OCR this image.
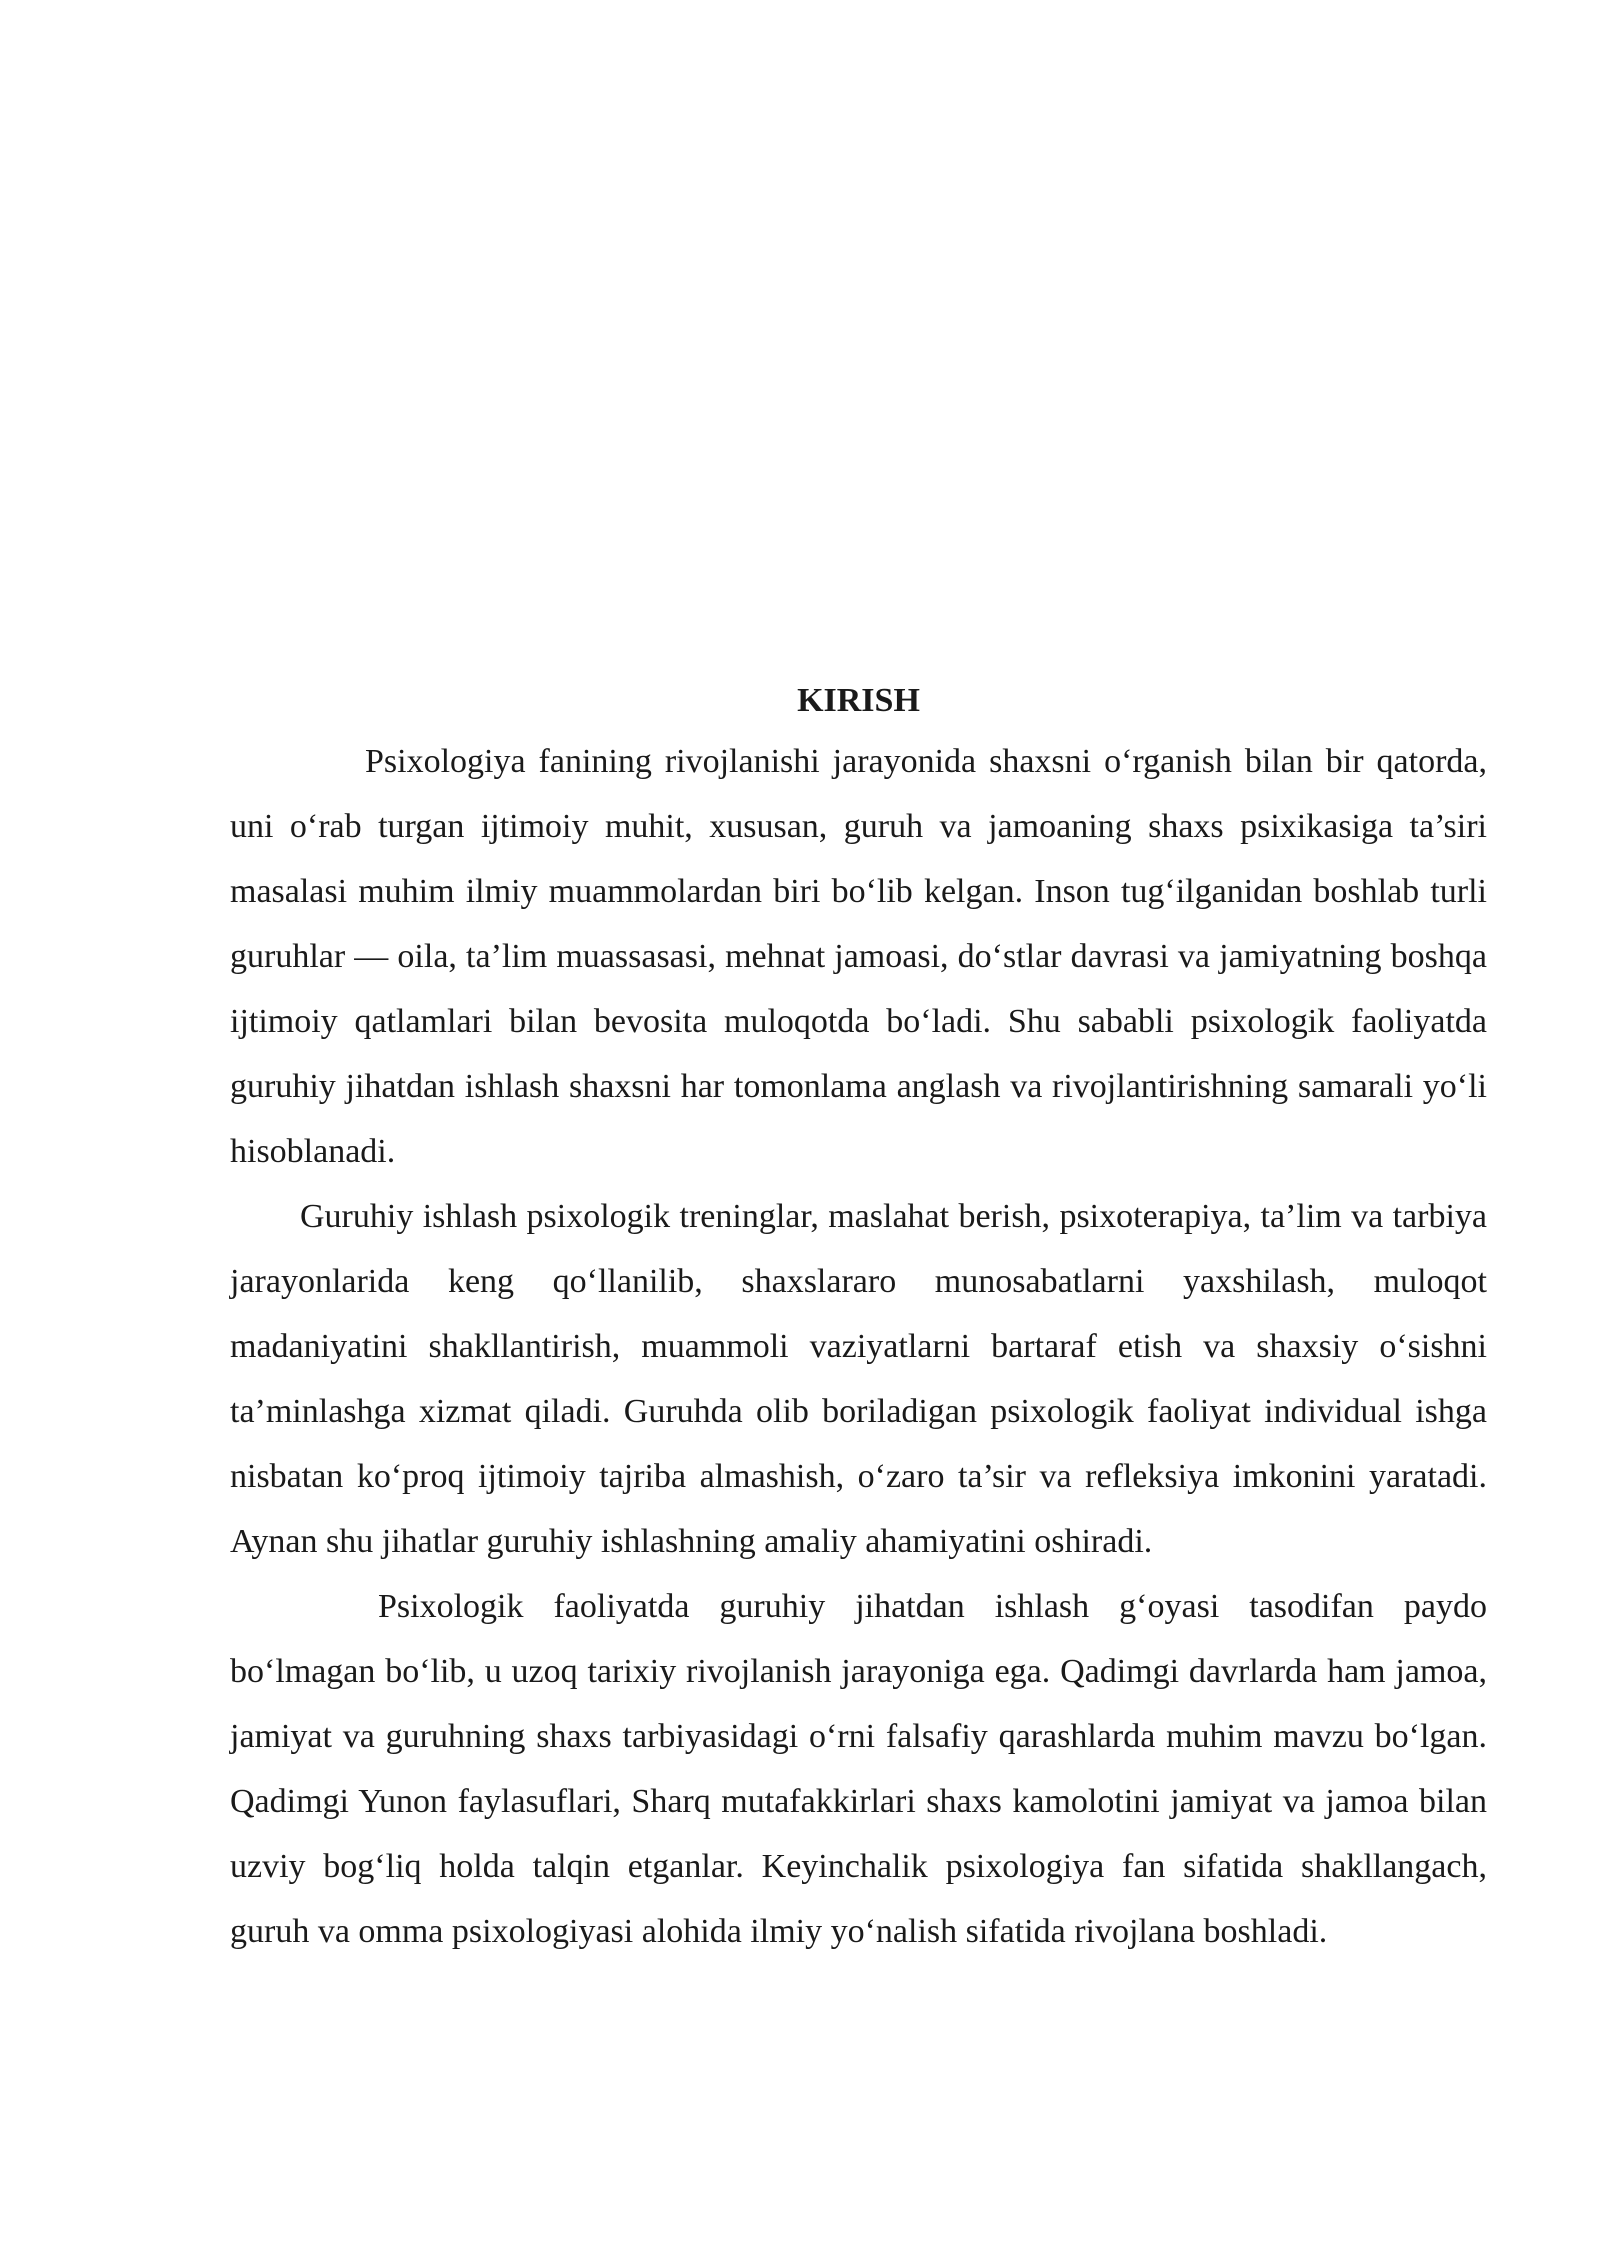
KIRISH

Psixologiya fanining rivojlanishi jarayonida shaxsni o‘rganish bilan bir qatorda, uni o‘rab turgan ijtimoiy muhit, xususan, guruh va jamoaning shaxs psixikasiga ta’siri masalasi muhim ilmiy muammolardan biri bo‘lib kelgan. Inson tug‘ilganidan boshlab turli guruhlar — oila, ta’lim muassasasi, mehnat jamoasi, do‘stlar davrasi va jamiyatning boshqa ijtimoiy qatlamlari bilan bevosita muloqotda bo‘ladi. Shu sababli psixologik faoliyatda guruhiy jihatdan ishlash shaxsni har tomonlama anglash va rivojlantirishning samarali yo‘li hisoblanadi.

Guruhiy ishlash psixologik treninglar, maslahat berish, psixoterapiya, ta’lim va tarbiya jarayonlarida keng qo‘llanilib, shaxslararo munosabatlarni yaxshilash, muloqot madaniyatini shakllantirish, muammoli vaziyatlarni bartaraf etish va shaxsiy o‘sishni ta’minlashga xizmat qiladi. Guruhda olib boriladigan psixologik faoliyat individual ishga nisbatan ko‘proq ijtimoiy tajriba almashish, o‘zaro ta’sir va refleksiya imkonini yaratadi. Aynan shu jihatlar guruhiy ishlashning amaliy ahamiyatini oshiradi.

Psixologik faoliyatda guruhiy jihatdan ishlash g‘oyasi tasodifan paydo bo‘lmagan bo‘lib, u uzoq tarixiy rivojlanish jarayoniga ega. Qadimgi davrlarda ham jamoa, jamiyat va guruhning shaxs tarbiyasidagi o‘rni falsafiy qarashlarda muhim mavzu bo‘lgan. Qadimgi Yunon faylasuflari, Sharq mutafakkirlari shaxs kamolotini jamiyat va jamoa bilan uzviy bog‘liq holda talqin etganlar. Keyinchalik psixologiya fan sifatida shakllangach, guruh va omma psixologiyasi alohida ilmiy yo‘nalish sifatida rivojlana boshladi.
